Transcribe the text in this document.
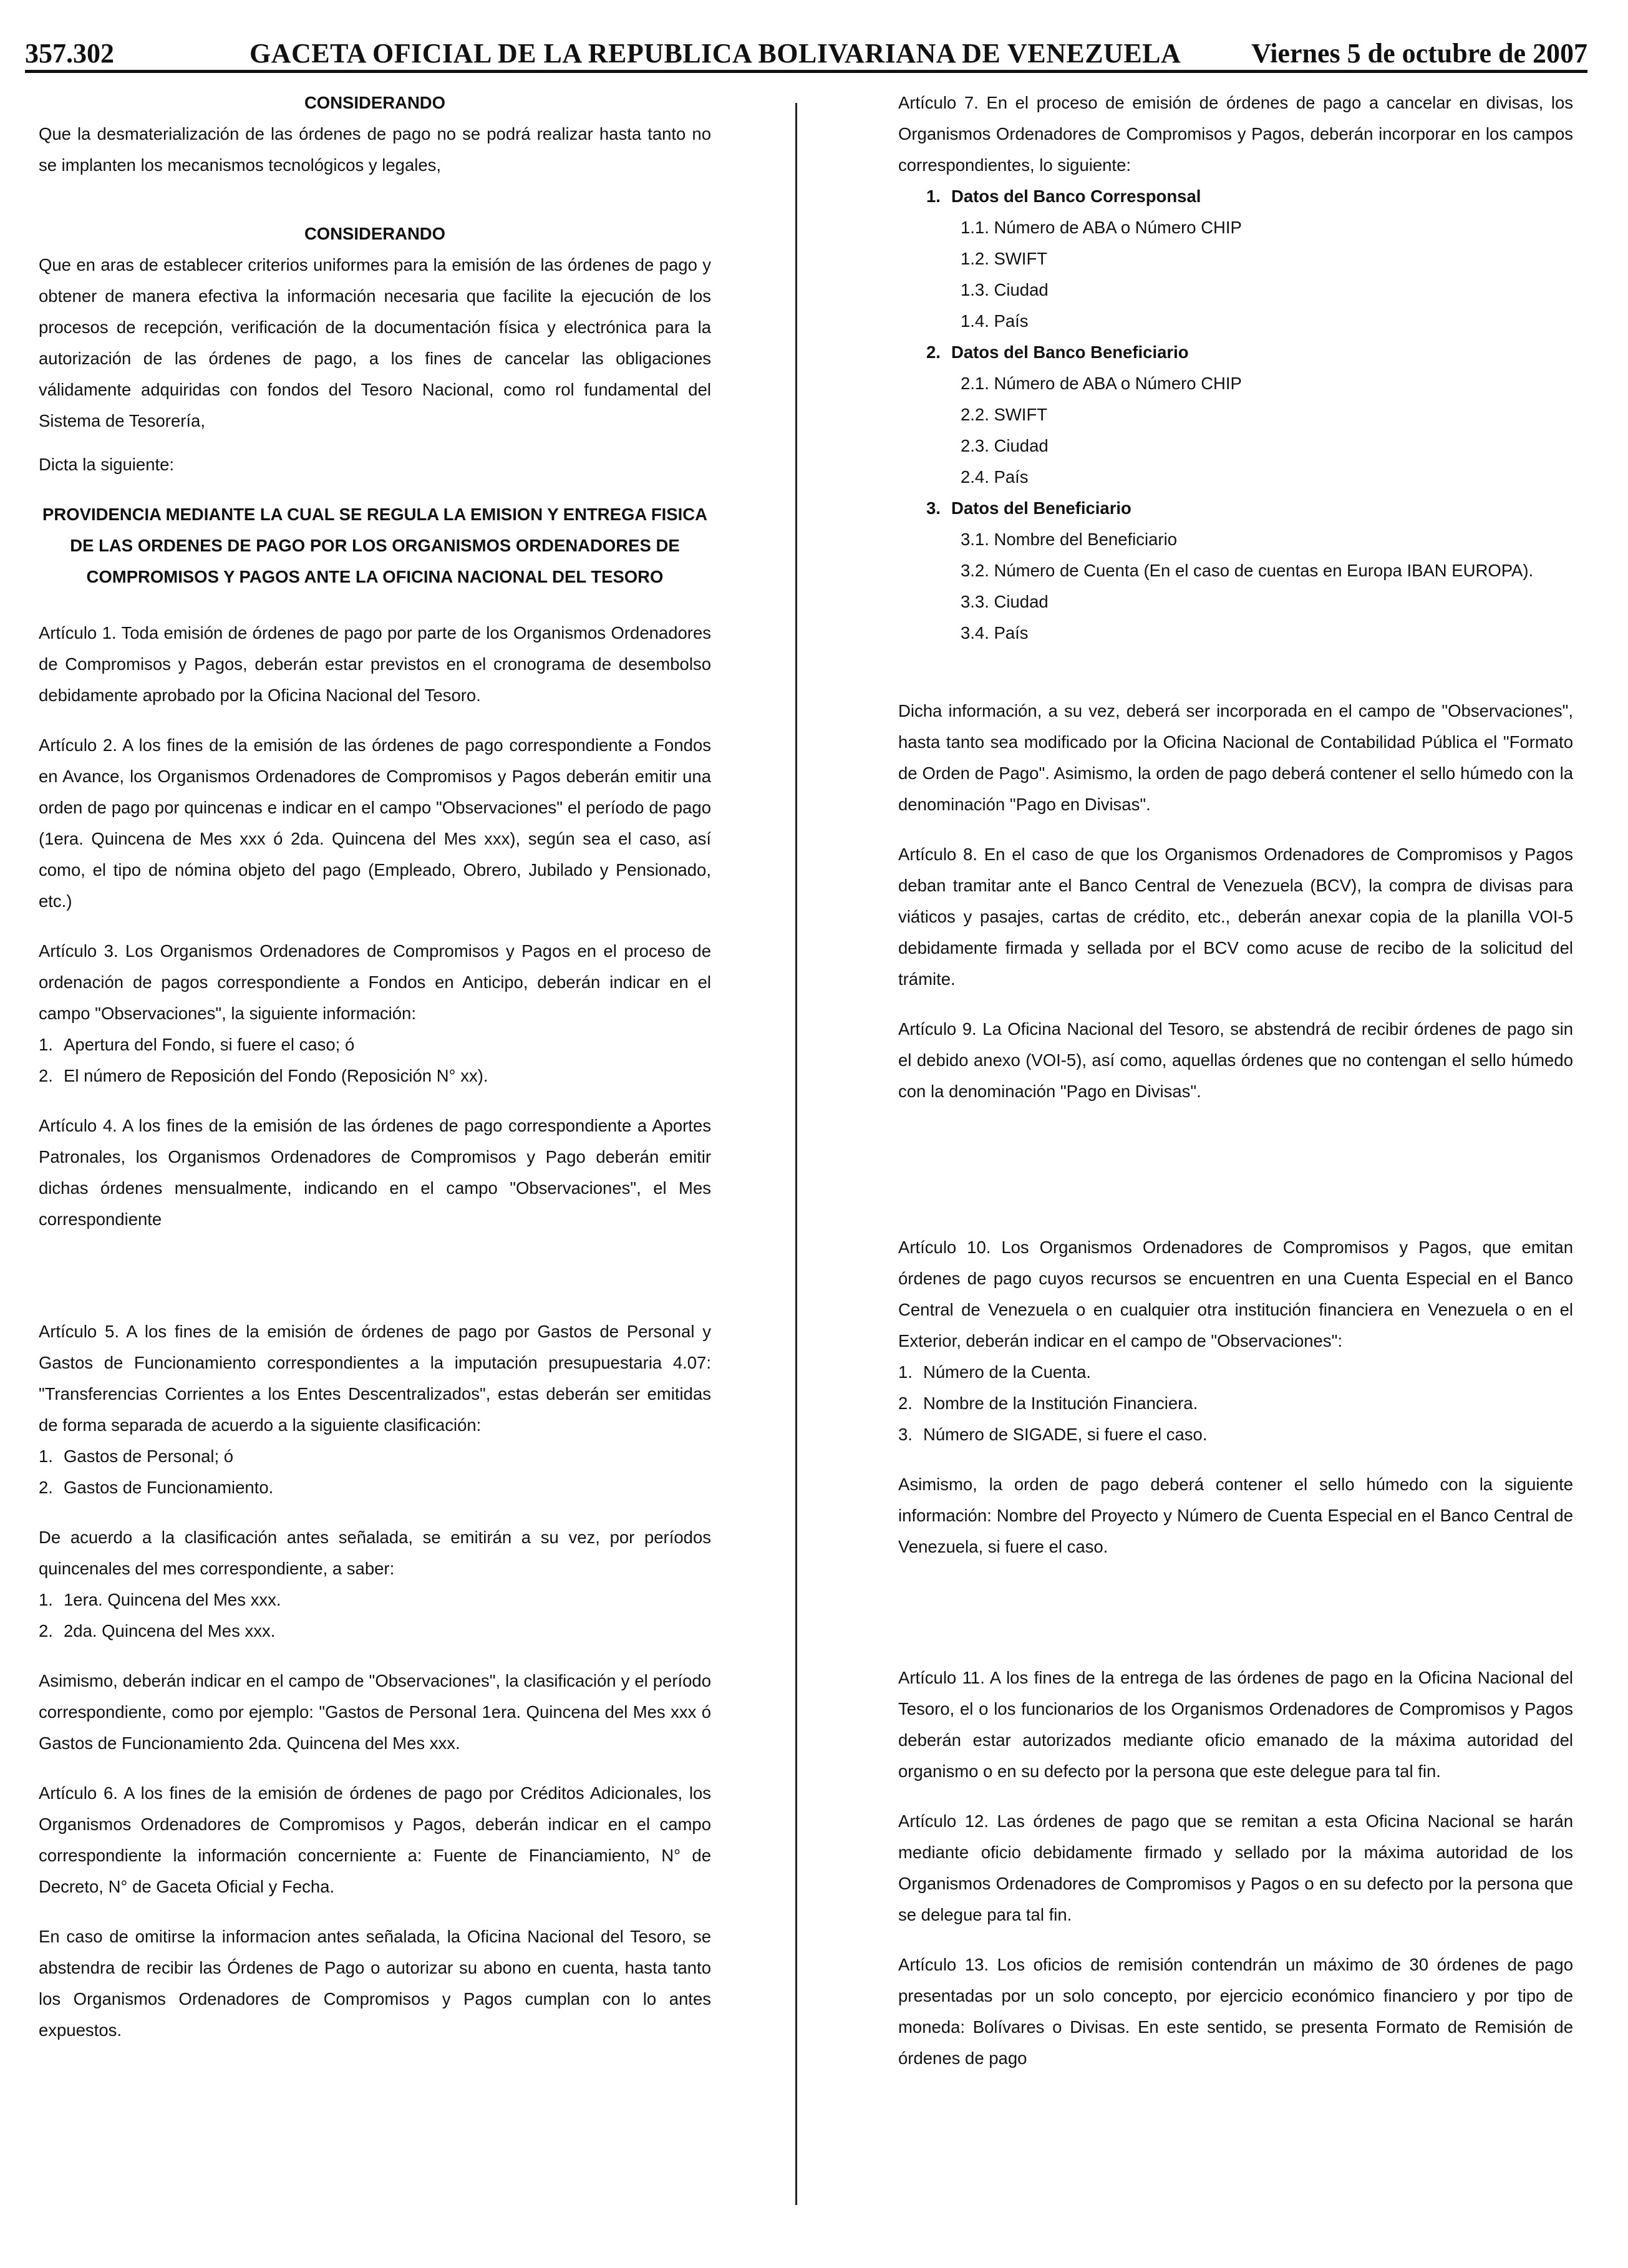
357.302	GACETA OFICIAL DE LA REPUBLICA BOLIVARIANA DE VENEZUELA	Viernes 5 de octubre de 2007

CONSIDERANDO

Que la desmaterialización de las órdenes de pago no se podrá realizar hasta tanto no se implanten los mecanismos tecnológicos y legales,

CONSIDERANDO

Que en aras de establecer criterios uniformes para la emisión de las órdenes de pago y obtener de manera efectiva la información necesaria que facilite la ejecución de los procesos de recepción, verificación de la documentación física y electrónica para la autorización de las órdenes de pago, a los fines de cancelar las obligaciones válidamente adquiridas con fondos del Tesoro Nacional, como rol fundamental del Sistema de Tesorería,

Dicta la siguiente:

PROVIDENCIA MEDIANTE LA CUAL SE REGULA LA EMISION Y ENTREGA FISICA DE LAS ORDENES DE PAGO POR LOS ORGANISMOS ORDENADORES DE COMPROMISOS Y PAGOS ANTE LA OFICINA NACIONAL DEL TESORO

Artículo 1. Toda emisión de órdenes de pago por parte de los Organismos Ordenadores de Compromisos y Pagos, deberán estar previstos en el cronograma de desembolso debidamente aprobado por la Oficina Nacional del Tesoro.

Artículo 2. A los fines de la emisión de las órdenes de pago correspondiente a Fondos en Avance, los Organismos Ordenadores de Compromisos y Pagos deberán emitir una orden de pago por quincenas e indicar en el campo "Observaciones" el período de pago (1era. Quincena de Mes xxx ó 2da. Quincena del Mes xxx), según sea el caso, así como, el tipo de nómina objeto del pago (Empleado, Obrero, Jubilado y Pensionado, etc.)

Artículo 3. Los Organismos Ordenadores de Compromisos y Pagos en el proceso de ordenación de pagos correspondiente a Fondos en Anticipo, deberán indicar en el campo "Observaciones", la siguiente información:

1. Apertura del Fondo, si fuere el caso; ó
2. El número de Reposición del Fondo (Reposición N° xx).

Artículo 4. A los fines de la emisión de las órdenes de pago correspondiente a Aportes Patronales, los Organismos Ordenadores de Compromisos y Pago deberán emitir dichas órdenes mensualmente, indicando en el campo "Observaciones", el Mes correspondiente

Artículo 5. A los fines de la emisión de órdenes de pago por Gastos de Personal y Gastos de Funcionamiento correspondientes a la imputación presupuestaria 4.07: "Transferencias Corrientes a los Entes Descentralizados", estas deberán ser emitidas de forma separada de acuerdo a la siguiente clasificación:

1. Gastos de Personal; ó
2. Gastos de Funcionamiento.

De acuerdo a la clasificación antes señalada, se emitirán a su vez, por períodos quincenales del mes correspondiente, a saber:

1. 1era. Quincena del Mes xxx.
2. 2da. Quincena del Mes xxx.

Asimismo, deberán indicar en el campo de "Observaciones", la clasificación y el período correspondiente, como por ejemplo: "Gastos de Personal 1era. Quincena del Mes xxx ó Gastos de Funcionamiento 2da. Quincena del Mes xxx.

Artículo 6. A los fines de la emisión de órdenes de pago por Créditos Adicionales, los Organismos Ordenadores de Compromisos y Pagos, deberán indicar en el campo correspondiente la información concerniente a: Fuente de Financiamiento, N° de Decreto, N° de Gaceta Oficial y Fecha.

En caso de omitirse la informacion antes señalada, la Oficina Nacional del Tesoro, se abstendra de recibir las Órdenes de Pago o autorizar su abono en cuenta, hasta tanto los Organismos Ordenadores de Compromisos y Pagos cumplan con lo antes expuestos.

Artículo 7. En el proceso de emisión de órdenes de pago a cancelar en divisas, los Organismos Ordenadores de Compromisos y Pagos, deberán incorporar en los campos correspondientes, lo siguiente:

1. Datos del Banco Corresponsal

1.1. Número de ABA o Número CHIP
1.2. SWIFT
1.3. Ciudad
1.4. País

2. Datos del Banco Beneficiario

2.1. Número de ABA o Número CHIP
2.2. SWIFT
2.3. Ciudad
2.4. País

3. Datos del Beneficiario

3.1. Nombre del Beneficiario
3.2. Número de Cuenta (En el caso de cuentas en Europa IBAN EUROPA).
3.3. Ciudad
3.4. País

Dicha información, a su vez, deberá ser incorporada en el campo de "Observaciones", hasta tanto sea modificado por la Oficina Nacional de Contabilidad Pública el "Formato de Orden de Pago". Asimismo, la orden de pago deberá contener el sello húmedo con la denominación "Pago en Divisas".

Artículo 8. En el caso de que los Organismos Ordenadores de Compromisos y Pagos deban tramitar ante el Banco Central de Venezuela (BCV), la compra de divisas para viáticos y pasajes, cartas de crédito, etc., deberán anexar copia de la planilla VOI-5 debidamente firmada y sellada por el BCV como acuse de recibo de la solicitud del trámite.

Artículo 9. La Oficina Nacional del Tesoro, se abstendrá de recibir órdenes de pago sin el debido anexo (VOI-5), así como, aquellas órdenes que no contengan el sello húmedo con la denominación "Pago en Divisas".

Artículo 10. Los Organismos Ordenadores de Compromisos y Pagos, que emitan órdenes de pago cuyos recursos se encuentren en una Cuenta Especial en el Banco Central de Venezuela o en cualquier otra institución financiera en Venezuela o en el Exterior, deberán indicar en el campo de "Observaciones":

1. Número de la Cuenta.
2. Nombre de la Institución Financiera.
3. Número de SIGADE, si fuere el caso.

Asimismo, la orden de pago deberá contener el sello húmedo con la siguiente información: Nombre del Proyecto y Número de Cuenta Especial en el Banco Central de Venezuela, si fuere el caso.

Artículo 11. A los fines de la entrega de las órdenes de pago en la Oficina Nacional del Tesoro, el o los funcionarios de los Organismos Ordenadores de Compromisos y Pagos deberán estar autorizados mediante oficio emanado de la máxima autoridad del organismo o en su defecto por la persona que este delegue para tal fin.

Artículo 12. Las órdenes de pago que se remitan a esta Oficina Nacional se harán mediante oficio debidamente firmado y sellado por la máxima autoridad de los Organismos Ordenadores de Compromisos y Pagos o en su defecto por la persona que se delegue para tal fin.

Artículo 13. Los oficios de remisión contendrán un máximo de 30 órdenes de pago presentadas por un solo concepto, por ejercicio económico financiero y por tipo de moneda: Bolívares o Divisas. En este sentido, se presenta Formato de Remisión de órdenes de pago
